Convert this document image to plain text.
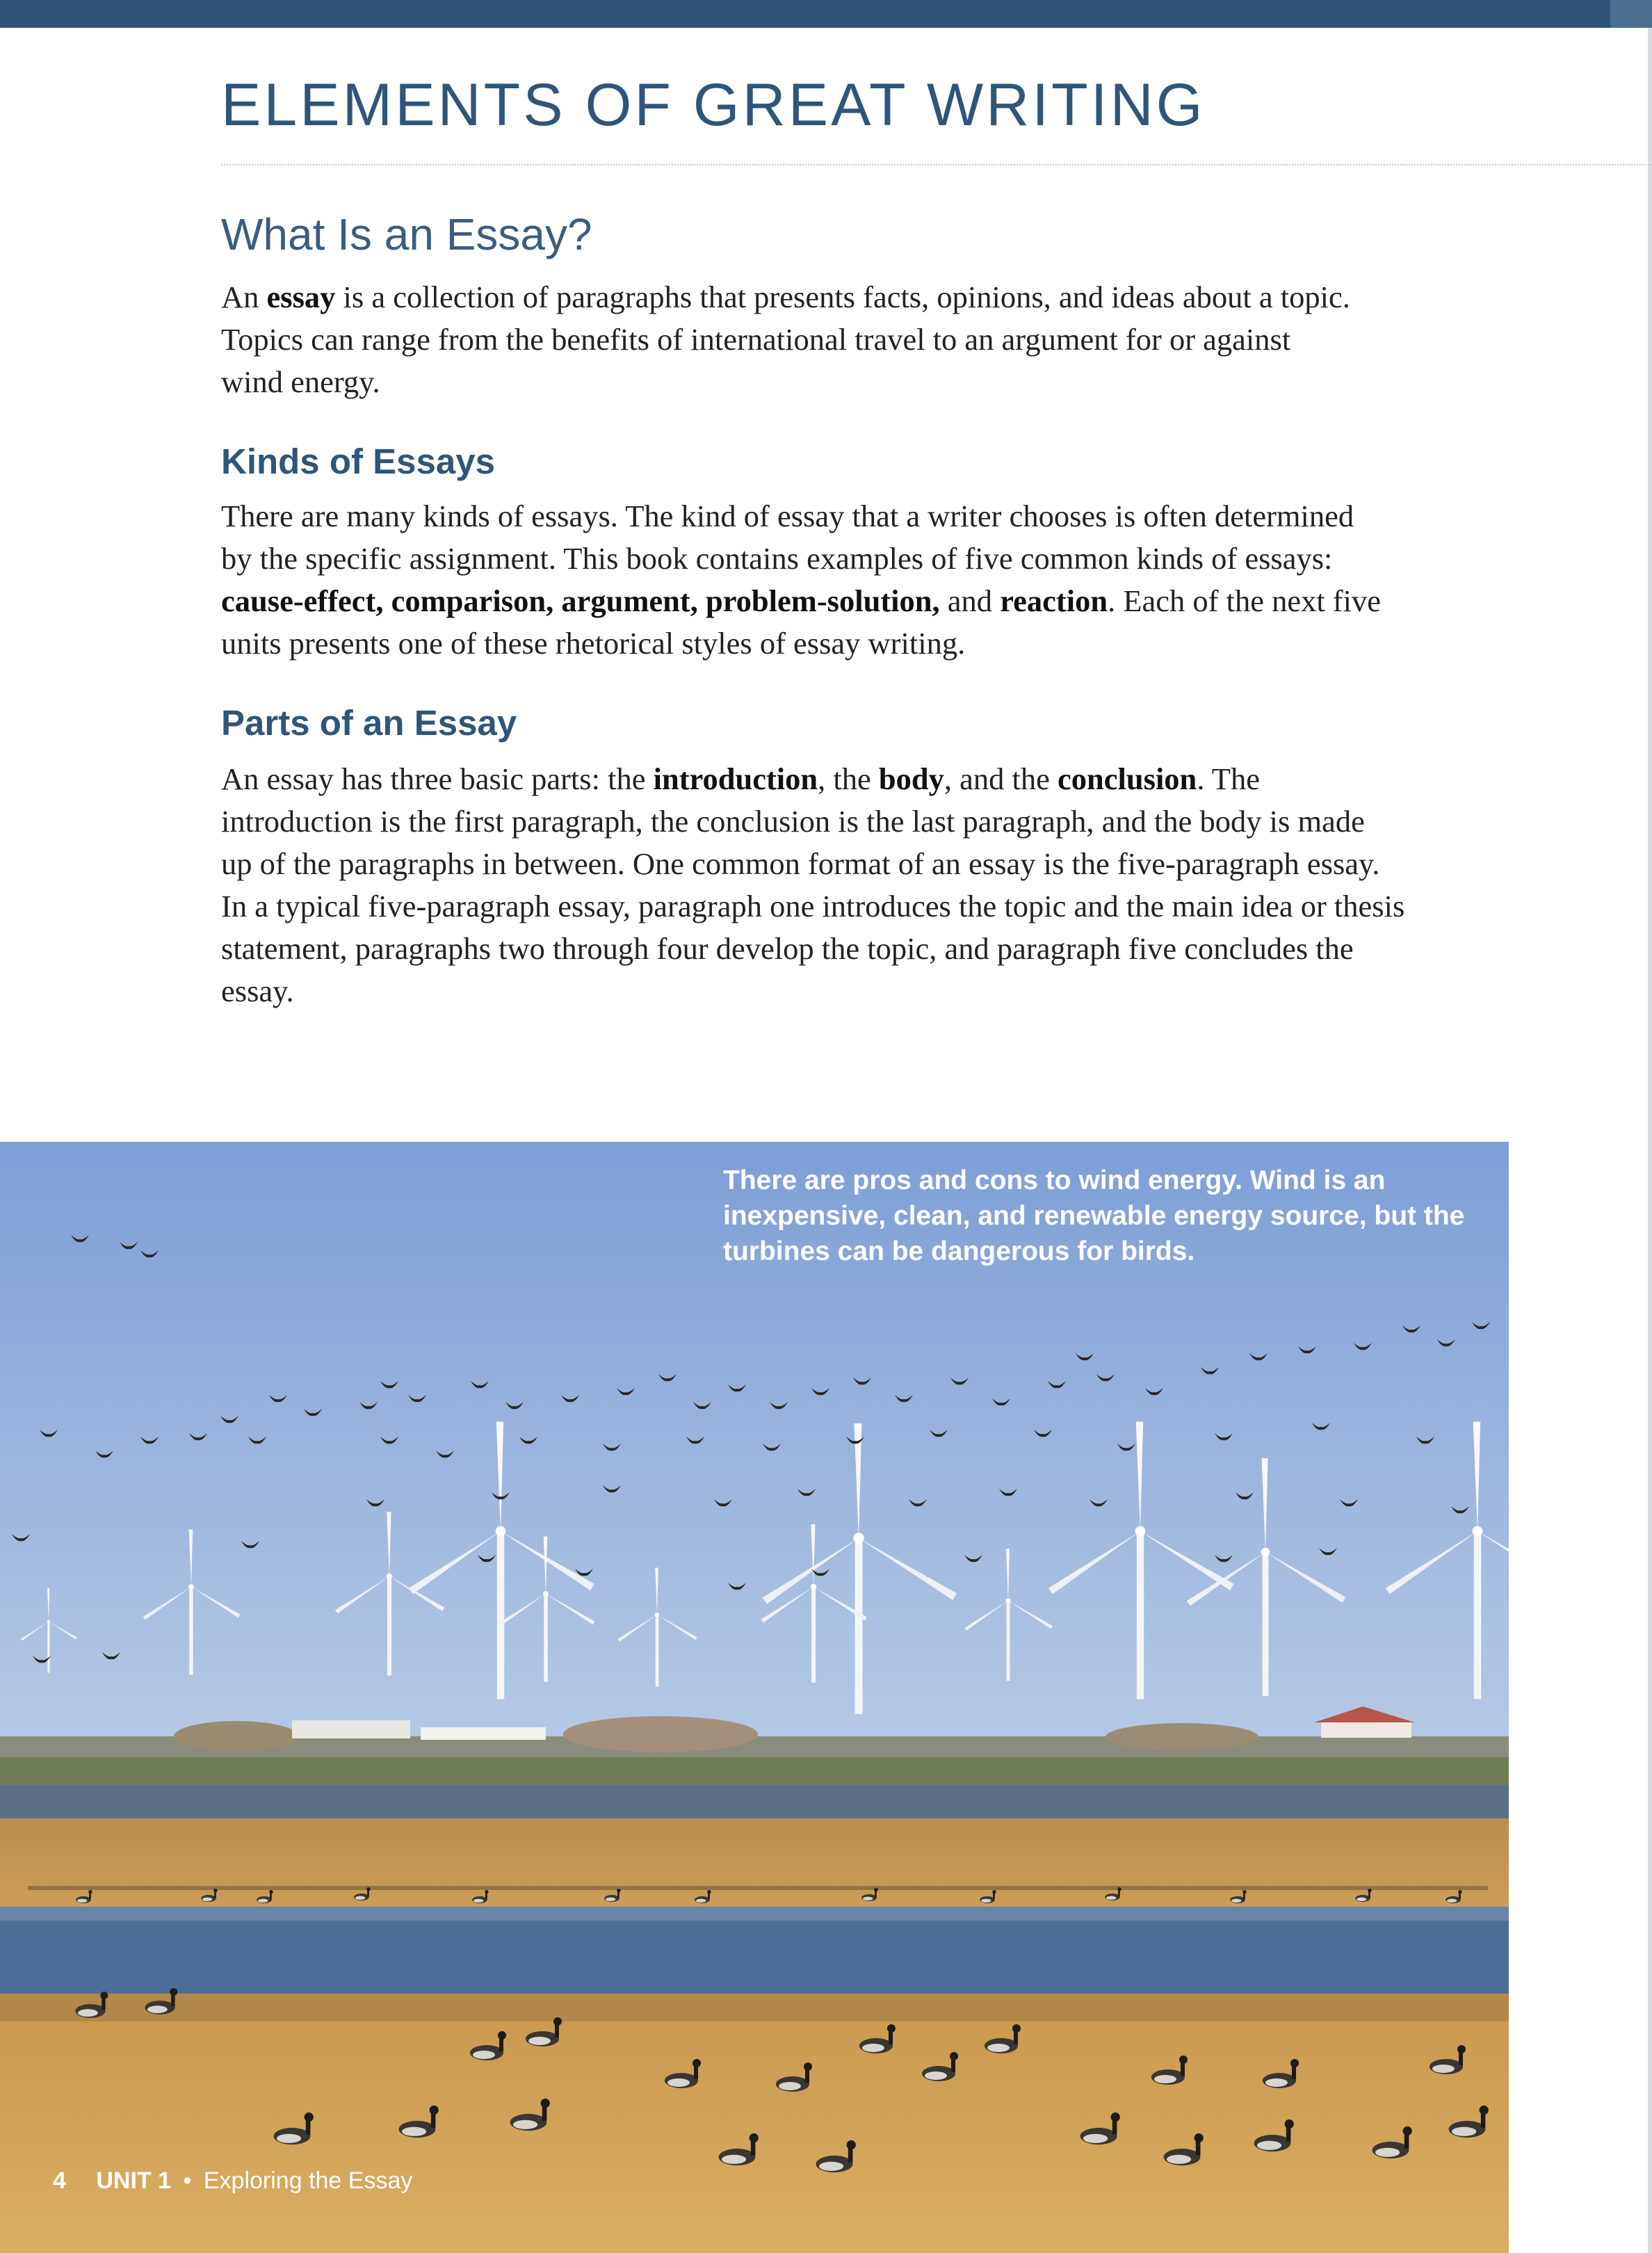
ELEMENTS OF GREAT WRITING
What Is an Essay?

An essay is a collection of paragraphs that presents facts, opinions, and ideas about a topic.
Topics can range from the benefits of international travel to an argument for or against
wind energy.

Kinds of Essays

There are many kinds of essays. The kind of essay that a writer chooses is often determined
by the specific assignment. This book contains examples of five common kinds of essays:
cause-effect, comparison, argument, problem-solution, and reaction. Each of the next five
units presents one of these rhetorical styles of essay writing.

Parts of an Essay

An essay has three basic parts: the introduction, the body, and the conclusion. The
introduction is the first paragraph, the conclusion is the last paragraph, and the body is made
up of the paragraphs in between. One common format of an essay is the five-paragraph essay.
In a typical five-paragraph essay, paragraph one introduces the topic and the main idea or thesis
statement, paragraphs two through four develop the topic, and paragraph five concludes the
essay.

There are pros and cons to wind energy. Wind is an inexpensive, clean, and renewable energy source, but the turbines can be dangerous for birds.

4 UNIT 1 • Exploring the Essay
